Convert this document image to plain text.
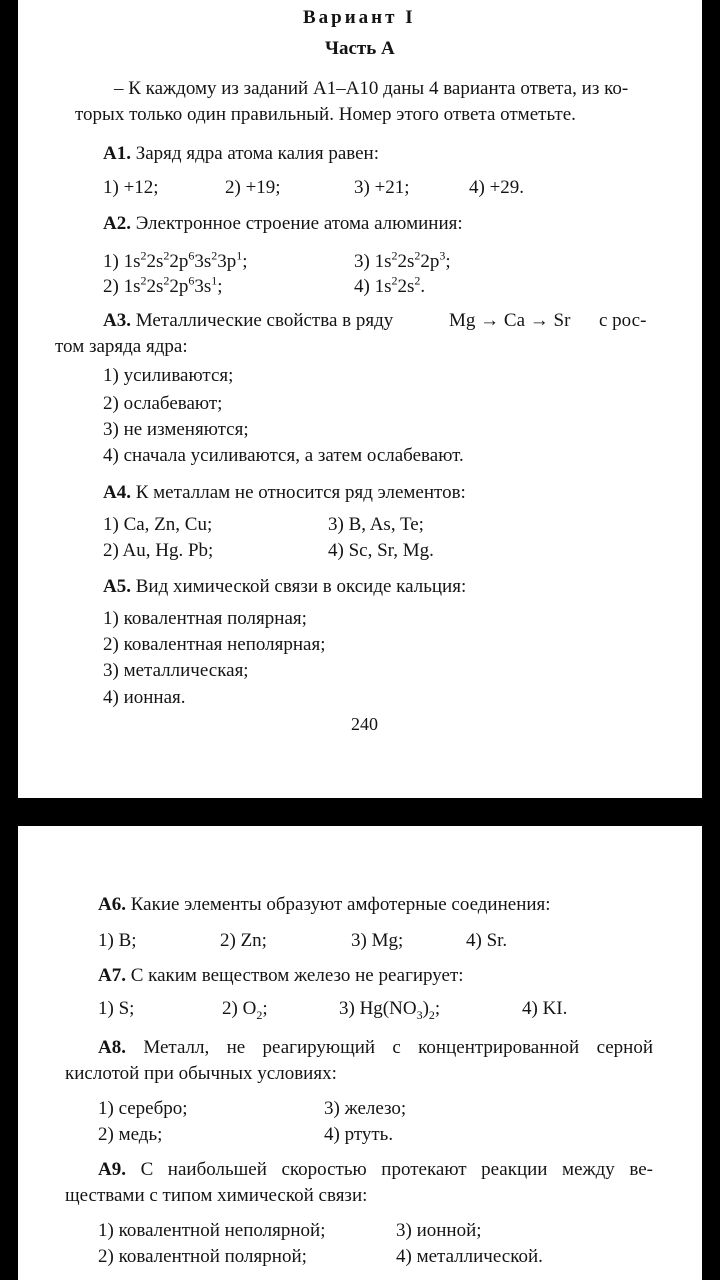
Вариант I
Часть А
– К каждому из заданий А1–А10 даны 4 варианта ответа, из ко-
торых только один правильный. Номер этого ответа отметьте.
А1. Заряд ядра атома калия равен:
1) +12;	2) +19;	3) +21;	4) +29.
А2. Электронное строение атома алюминия:
1) $1s^22s^22p^63s^23p^1$;	3) $1s^22s^22p^3$;
2) $1s^22s^22p^63s^1$;	4) $1s^22s^2$.
А3. Металлические свойства в ряду	Mg → Ca → Sr с рос-
том заряда ядра:
1) усиливаются;
2) ослабевают;
3) не изменяются;
4) сначала усиливаются, а затем ослабевают.
А4. К металлам не относится ряд элементов:
1) Ca, Zn, Cu;	3) B, As, Te;
2) Au, Hg. Pb;	4) Sc, Sr, Mg.
А5. Вид химической связи в оксиде кальция:
1) ковалентная полярная;
2) ковалентная неполярная;
3) металлическая;
4) ионная.
240
А6. Какие элементы образуют амфотерные соединения:
1) B;	2) Zn;	3) Mg;	4) Sr.
А7. С каким веществом железо не реагирует:
1) S;	2) $O_2$;	3) $Hg(NO_3)_2$;	4) KI.
А8. Металл, не реагирующий с концентрированной серной
кислотой при обычных условиях:
1) серебро;	3) железо;
2) медь;	4) ртуть.
А9. С наибольшей скоростью протекают реакции между ве-
ществами с типом химической связи:
1) ковалентной неполярной;	3) ионной;
2) ковалентной полярной;	4) металлической.
